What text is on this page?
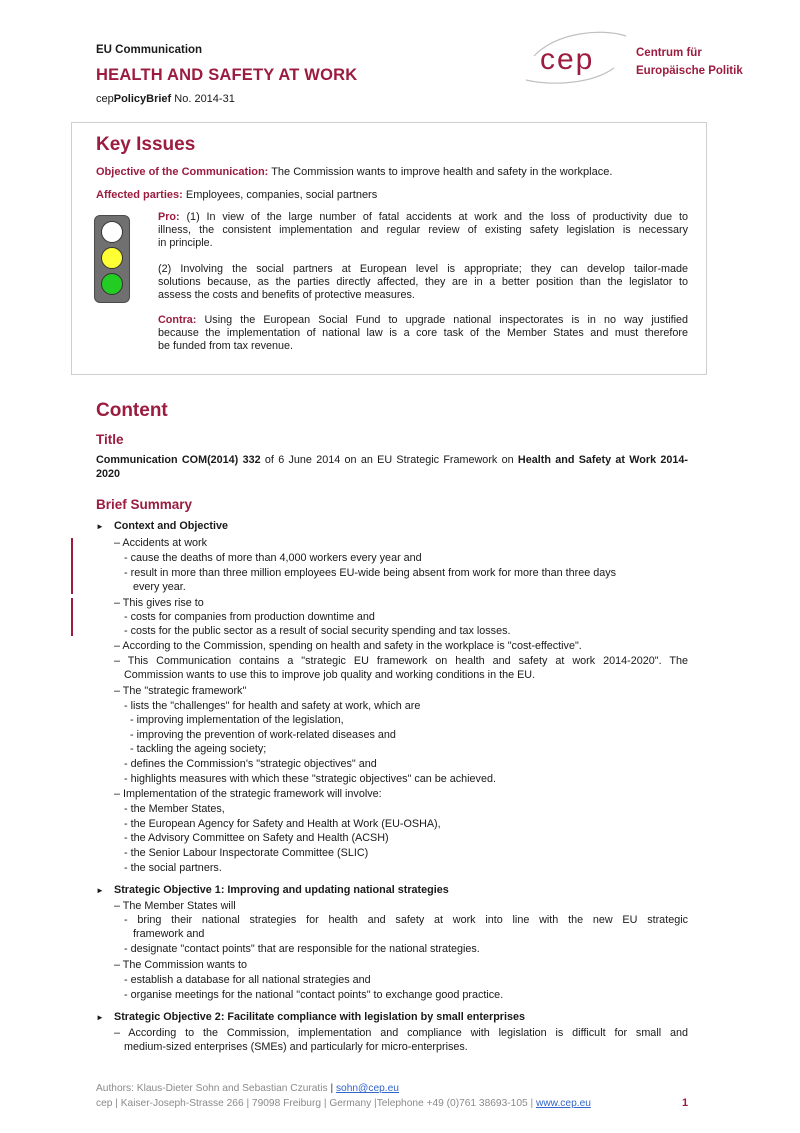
EU Communication
HEALTH AND SAFETY AT WORK
cepPolicyBrief No. 2014-31
cep	Centrum für
Europäische Politik
Key Issues
Objective of the Communication: The Commission wants to improve health and safety in the workplace.
Affected parties: Employees, companies, social partners
Pro: (1) In view of the large number of fatal accidents at work and the loss of productivity due to
illness, the consistent implementation and regular review of existing safety legislation is necessary
in principle.
(2) Involving the social partners at European level is appropriate; they can develop tailor-made
solutions because, as the parties directly affected, they are in a better position than the legislator to
assess the costs and benefits of protective measures.
Contra: Using the European Social Fund to upgrade national inspectorates is in no way justified
because the implementation of national law is a core task of the Member States and must therefore
be funded from tax revenue.
Content
Title
Communication COM(2014) 332 of 6 June 2014 on an EU Strategic Framework on Health and Safety at Work 2014-2020
Brief Summary
Context and Objective
►
– Accidents at work
- cause the deaths of more than 4,000 workers every year and
- result in more than three million employees EU-wide being absent from work for more than three days
every year.
– This gives rise to
- costs for companies from production downtime and
- costs for the public sector as a result of social security spending and tax losses.
– According to the Commission, spending on health and safety in the workplace is "cost-effective".
– This Communication contains a "strategic EU framework on health and safety at work 2014-2020". The
Commission wants to use this to improve job quality and working conditions in the EU.
– The "strategic framework"
- lists the "challenges" for health and safety at work, which are
- improving implementation of the legislation,
- improving the prevention of work-related diseases and
- tackling the ageing society;
- defines the Commission's "strategic objectives" and
- highlights measures with which these "strategic objectives" can be achieved.
– Implementation of the strategic framework will involve:
- the Member States,
- the European Agency for Safety and Health at Work (EU-OSHA),
- the Advisory Committee on Safety and Health (ACSH)
- the Senior Labour Inspectorate Committee (SLIC)
- the social partners.
Strategic Objective 1: Improving and updating national strategies
►
– The Member States will
- bring their national strategies for health and safety at work into line with the new EU strategic
framework and
- designate "contact points" that are responsible for the national strategies.
– The Commission wants to
- establish a database for all national strategies and
- organise meetings for the national "contact points" to exchange good practice.
Strategic Objective 2: Facilitate compliance with legislation by small enterprises
►
– According to the Commission, implementation and compliance with legislation is difficult for small and
medium-sized enterprises (SMEs) and particularly for micro-enterprises.
Authors: Klaus-Dieter Sohn and Sebastian Czuratis | sohn@cep.eu
cep | Kaiser-Joseph-Strasse 266 | 79098 Freiburg | Germany |Telephone +49 (0)761 38693-105 | www.cep.eu	1
